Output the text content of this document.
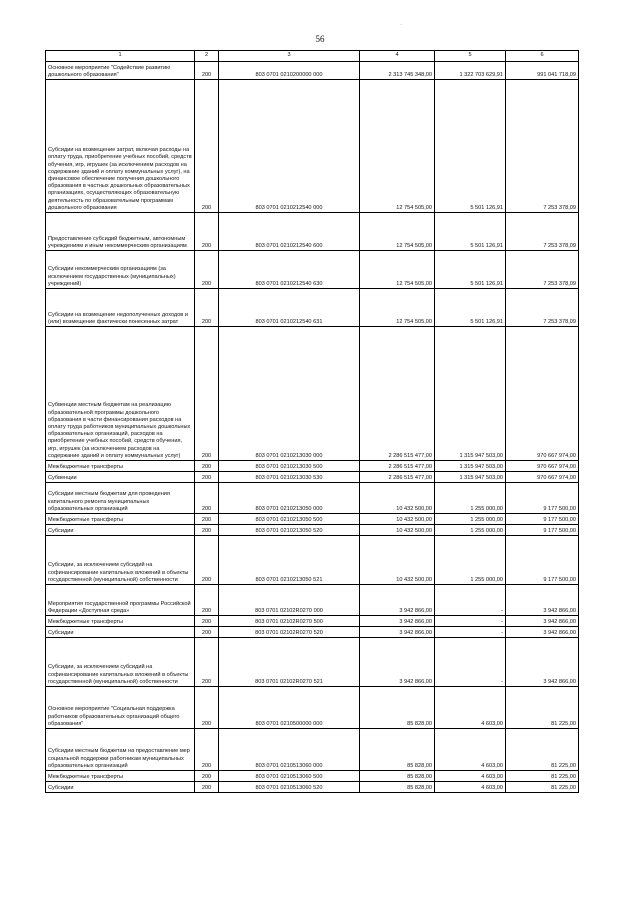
56
·
1	2	3	4	5	6
Основное мероприятие "Содействие развитию дошкольного образования"	200	803 0701 0210200000 000	2 313 745 348,00	1 322 703 629,91	991 041 718,09
Субсидии на возмещение затрат, включая расходы на оплату труда, приобретение учебных пособий, средств обучения, игр, игрушек (за исключением расходов на содержание зданий и оплату коммунальных услуг), на финансовое обеспечение получения дошкольного образования в частных дошкольных образовательных организациях, осуществляющих образовательную деятельность по образовательным программам дошкольного образования	200	803 0701 0210212540 000	12 754 505,00	5 501 126,91	7 253 378,09
Предоставление субсидий бюджетным, автономным учреждениям и иным некоммерческим организациям	200	803 0701 0210212540 600	12 754 505,00	5 501 126,91	7 253 378,09
Субсидии некоммерческим организациям (за исключением государственных (муниципальных) учреждений)	200	803 0701 0210212540 630	12 754 505,00	5 501 126,91	7 253 378,09
Субсидии на возмещение недополученных доходов и (или) возмещение фактически понесенных затрат	200	803 0701 0210212540 631	12 754 505,00	5 501 126,91	7 253 378,09
Субвенции местным бюджетам на реализацию образовательной программы дошкольного образования в части финансирования расходов на оплату труда работников муниципальных дошкольных образовательных организаций, расходов на приобретение учебных пособий, средств обучения, игр, игрушек (за исключением расходов на содержание зданий и оплату коммунальных услуг)	200	803 0701 0210213030 000	2 286 515 477,00	1 315 947 503,00	970 667 974,00
Межбюджетные трансферты	200	803 0701 0210213030 500	2 286 515 477,00	1 315 947 503,00	970 667 974,00
Субвенции	200	803 0701 0210213030 530	2 286 515 477,00	1 315 947 503,00	970 667 974,00
Субсидии местным бюджетам для проведения капитального ремонта муниципальных образовательных организаций	200	803 0701 0210213050 000	10 432 500,00	1 255 000,00	9 177 500,00
Межбюджетные трансферты	200	803 0701 0210213050 500	10 432 500,00	1 255 000,00	9 177 500,00
Субсидии	200	803 0701 0210213050 520	10 432 500,00	1 255 000,00	9 177 500,00
Субсидии, за исключением субсидий на софинансирование капитальных вложений в объекты государственной (муниципальной) собственности	200	803 0701 0210213050 521	10 432 500,00	1 255 000,00	9 177 500,00
Мероприятия государственной программы Российской Федерации «Доступная среда»	200	803 0701 02102R0270 000	3 942 866,00	-	3 942 866,00
Межбюджетные трансферты	200	803 0701 02102R0270 500	3 942 866,00	-	3 942 866,00
Субсидии	200	803 0701 02102R0270 520	3 942 866,00	-	3 942 866,00
Субсидии, за исключением субсидий на софинансирование капитальных вложений в объекты государственной (муниципальной) собственности	200	803 0701 02102R0270 521	3 942 866,00	-	3 942 866,00
Основное мероприятие "Социальная поддержка работников образовательных организаций общего образования"	200	803 0701 0210500000 000	85 828,00	4 603,00	81 225,00
Субсидии местным бюджетам на предоставление мер социальной поддержки работникам муниципальных образовательных организаций	200	803 0701 0210513060 000	85 828,00	4 603,00	81 225,00
Межбюджетные трансферты	200	803 0701 0210513060 500	85 828,00	4 603,00	81 225,00
Субсидии	200	803 0701 0210513060 520	85 828,00	4 603,00	81 225,00
